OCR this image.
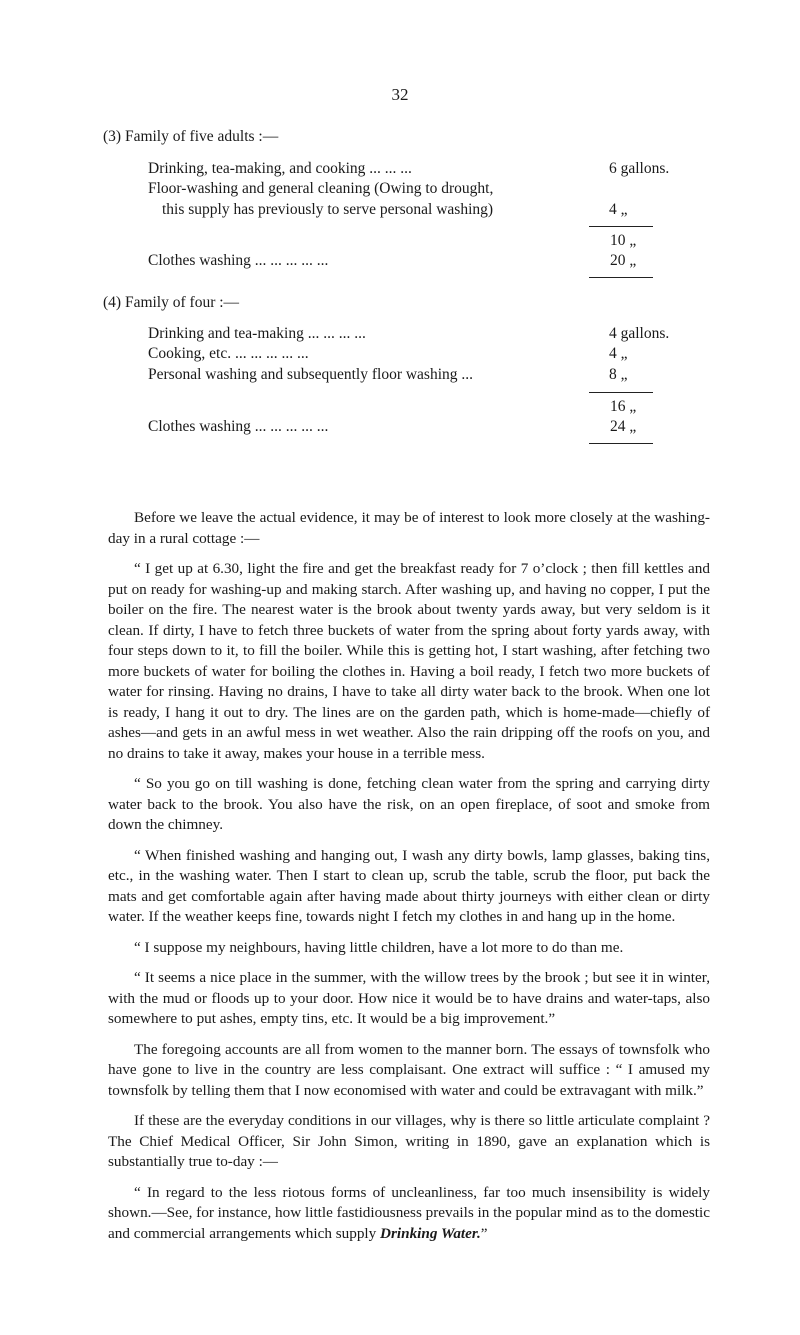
32
(3) Family of five adults :—
Drinking, tea-making, and cooking ... ... ...	6 gallons.
Floor-washing and general cleaning (Owing to drought,
this supply has previously to serve personal washing)	4 „
10 „
Clothes washing ... ... ... ... ...	20 „
(4) Family of four :—
Drinking and tea-making ... ... ... ...	4 gallons.
Cooking, etc. ... ... ... ... ...	4 „
Personal washing and subsequently floor washing ...	8 „
16 „
Clothes washing ... ... ... ... ...	24 „

Before we leave the actual evidence, it may be of interest to look more closely at the washing-day in a rural cottage :—

“ I get up at 6.30, light the fire and get the breakfast ready for 7 o’clock ; then fill kettles and put on ready for washing-up and making starch. After washing up, and having no copper, I put the boiler on the fire. The nearest water is the brook about twenty yards away, but very seldom is it clean. If dirty, I have to fetch three buckets of water from the spring about forty yards away, with four steps down to it, to fill the boiler. While this is getting hot, I start washing, after fetching two more buckets of water for boiling the clothes in. Having a boil ready, I fetch two more buckets of water for rinsing. Having no drains, I have to take all dirty water back to the brook. When one lot is ready, I hang it out to dry. The lines are on the garden path, which is home-made—chiefly of ashes—and gets in an awful mess in wet weather. Also the rain dripping off the roofs on you, and no drains to take it away, makes your house in a terrible mess.

“ So you go on till washing is done, fetching clean water from the spring and carrying dirty water back to the brook. You also have the risk, on an open fireplace, of soot and smoke from down the chimney.

“ When finished washing and hanging out, I wash any dirty bowls, lamp glasses, baking tins, etc., in the washing water. Then I start to clean up, scrub the table, scrub the floor, put back the mats and get comfortable again after having made about thirty journeys with either clean or dirty water. If the weather keeps fine, towards night I fetch my clothes in and hang up in the home.

“ I suppose my neighbours, having little children, have a lot more to do than me.

“ It seems a nice place in the summer, with the willow trees by the brook ; but see it in winter, with the mud or floods up to your door. How nice it would be to have drains and water-taps, also somewhere to put ashes, empty tins, etc. It would be a big improvement.”

The foregoing accounts are all from women to the manner born. The essays of townsfolk who have gone to live in the country are less complaisant. One extract will suffice : “ I amused my townsfolk by telling them that I now economised with water and could be extravagant with milk.”

If these are the everyday conditions in our villages, why is there so little articulate complaint ? The Chief Medical Officer, Sir John Simon, writing in 1890, gave an explanation which is substantially true to-day :—

“ In regard to the less riotous forms of uncleanliness, far too much insensibility is widely shown.—See, for instance, how little fastidiousness prevails in the popular mind as to the domestic and commercial arrangements which supply Drinking Water.”
